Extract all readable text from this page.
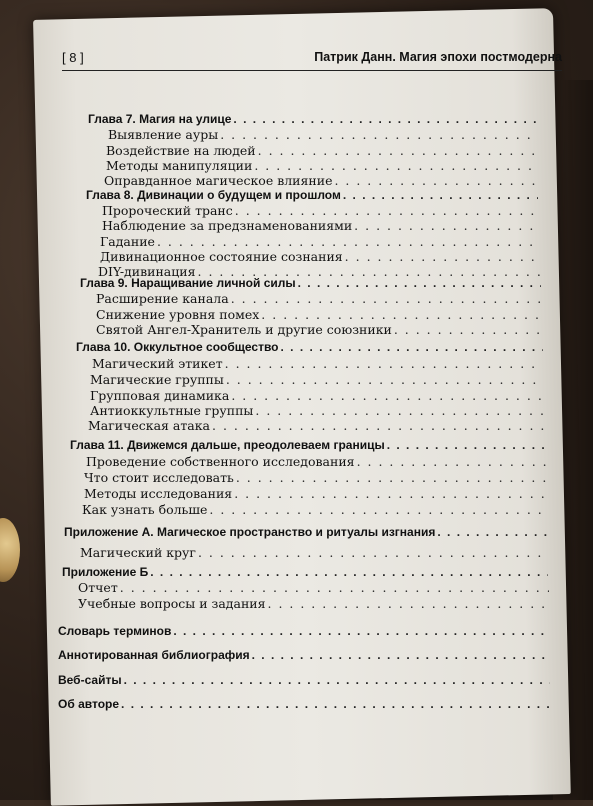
[ 8 ]	Патрик Данн. Магия эпохи постмодерна
Глава 7. Магия на улице
. . .
Выявление ауры
. . .
Воздействие на людей
. . .
Методы манипуляции
. . .
Оправданное магическое влияние
. . .
Глава 8. Дивинации о будущем и прошлом
. . .
Пророческий транс
. . .
Наблюдение за предзнаменованиями
. . .
Гадание
. . .
Дивинационное состояние сознания
. . .
DIY-дивинация
. . .
Глава 9. Наращивание личной силы
. . .
Расширение канала
. . .
Снижение уровня помех
. . .
Святой Ангел-Хранитель и другие союзники
. . .
Глава 10. Оккультное сообщество
. . .
Магический этикет
. . .
Магические группы
. . .
Групповая динамика
. . .
Антиоккультные группы
. . .
Магическая атака
. . .
Глава 11. Движемся дальше, преодолеваем границы
. . .
Проведение собственного исследования
. . .
Что стоит исследовать
. . .
Методы исследования
. . .
Как узнать больше
. . .
Приложение А. Магическое пространство и ритуалы изгнания
. . .
Магический круг
. . .
Приложение Б
. . .
Отчет
. . .
Учебные вопросы и задания
. . .
Словарь терминов
. . .
Аннотированная библиография
. . .
Веб-сайты
. . .
Об авторе
. . .
